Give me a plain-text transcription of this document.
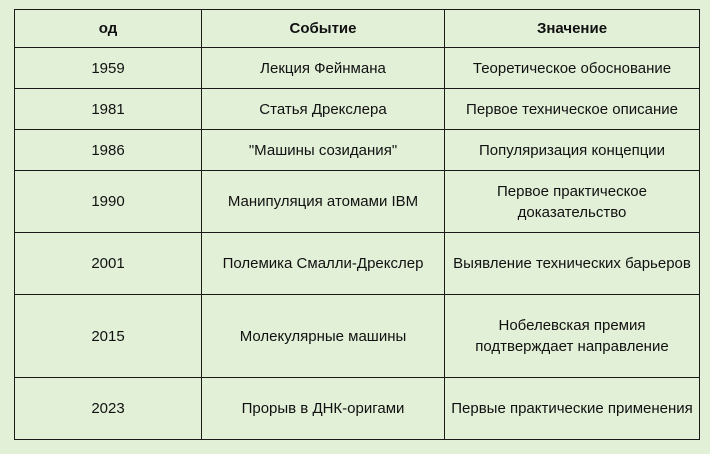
од	Событие	Значение
1959	Лекция Фейнмана	Теоретическое обоснование
1981	Статья Дрекслера	Первое техническое описание
1986	"Машины созидания"	Популяризация концепции
1990	Манипуляция атомами IBM	Первое практическое доказательство
2001	Полемика Смалли-Дрекслер	Выявление технических барьеров
2015	Молекулярные машины	Нобелевская премия подтверждает направление
2023	Прорыв в ДНК-оригами	Первые практические применения
